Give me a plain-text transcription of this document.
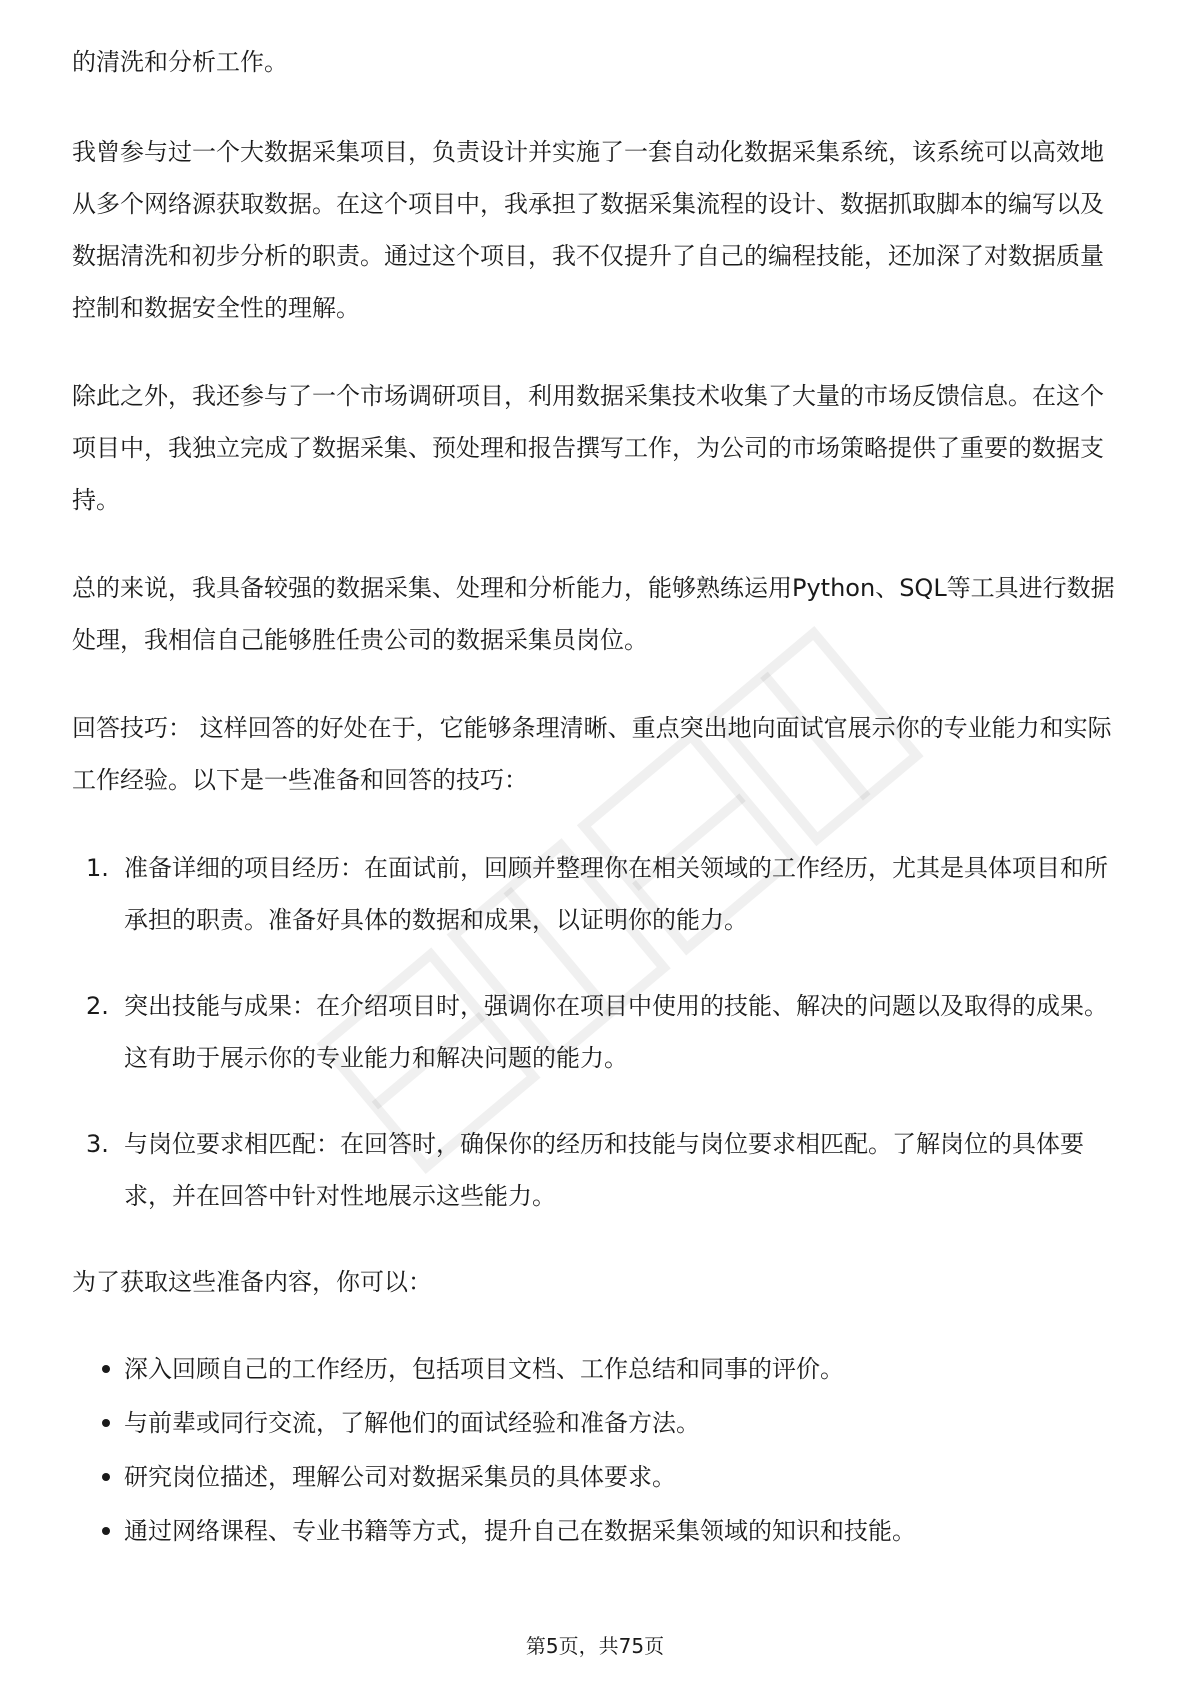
的清洗和分析工作。

我曾参与过一个大数据采集项目，负责设计并实施了一套自动化数据采集系统，该系统可以高效地从多个网络源获取数据。在这个项目中，我承担了数据采集流程的设计、数据抓取脚本的编写以及数据清洗和初步分析的职责。通过这个项目，我不仅提升了自己的编程技能，还加深了对数据质量控制和数据安全性的理解。

除此之外，我还参与了一个市场调研项目，利用数据采集技术收集了大量的市场反馈信息。在这个项目中，我独立完成了数据采集、预处理和报告撰写工作，为公司的市场策略提供了重要的数据支持。

总的来说，我具备较强的数据采集、处理和分析能力，能够熟练运用Python、SQL等工具进行数据处理，我相信自己能够胜任贵公司的数据采集员岗位。

回答技巧： 这样回答的好处在于，它能够条理清晰、重点突出地向面试官展示你的专业能力和实际工作经验。以下是一些准备和回答的技巧：

1. 准备详细的项目经历：在面试前，回顾并整理你在相关领域的工作经历，尤其是具体项目和所承担的职责。准备好具体的数据和成果，以证明你的能力。
2. 突出技能与成果：在介绍项目时，强调你在项目中使用的技能、解决的问题以及取得的成果。这有助于展示你的专业能力和解决问题的能力。
3. 与岗位要求相匹配：在回答时，确保你的经历和技能与岗位要求相匹配。了解岗位的具体要求，并在回答中针对性地展示这些能力。

为了获取这些准备内容，你可以：

深入回顾自己的工作经历，包括项目文档、工作总结和同事的评价。
与前辈或同行交流，了解他们的面试经验和准备方法。
研究岗位描述，理解公司对数据采集员的具体要求。
通过网络课程、专业书籍等方式，提升自己在数据采集领域的知识和技能。
第5页，共75页
